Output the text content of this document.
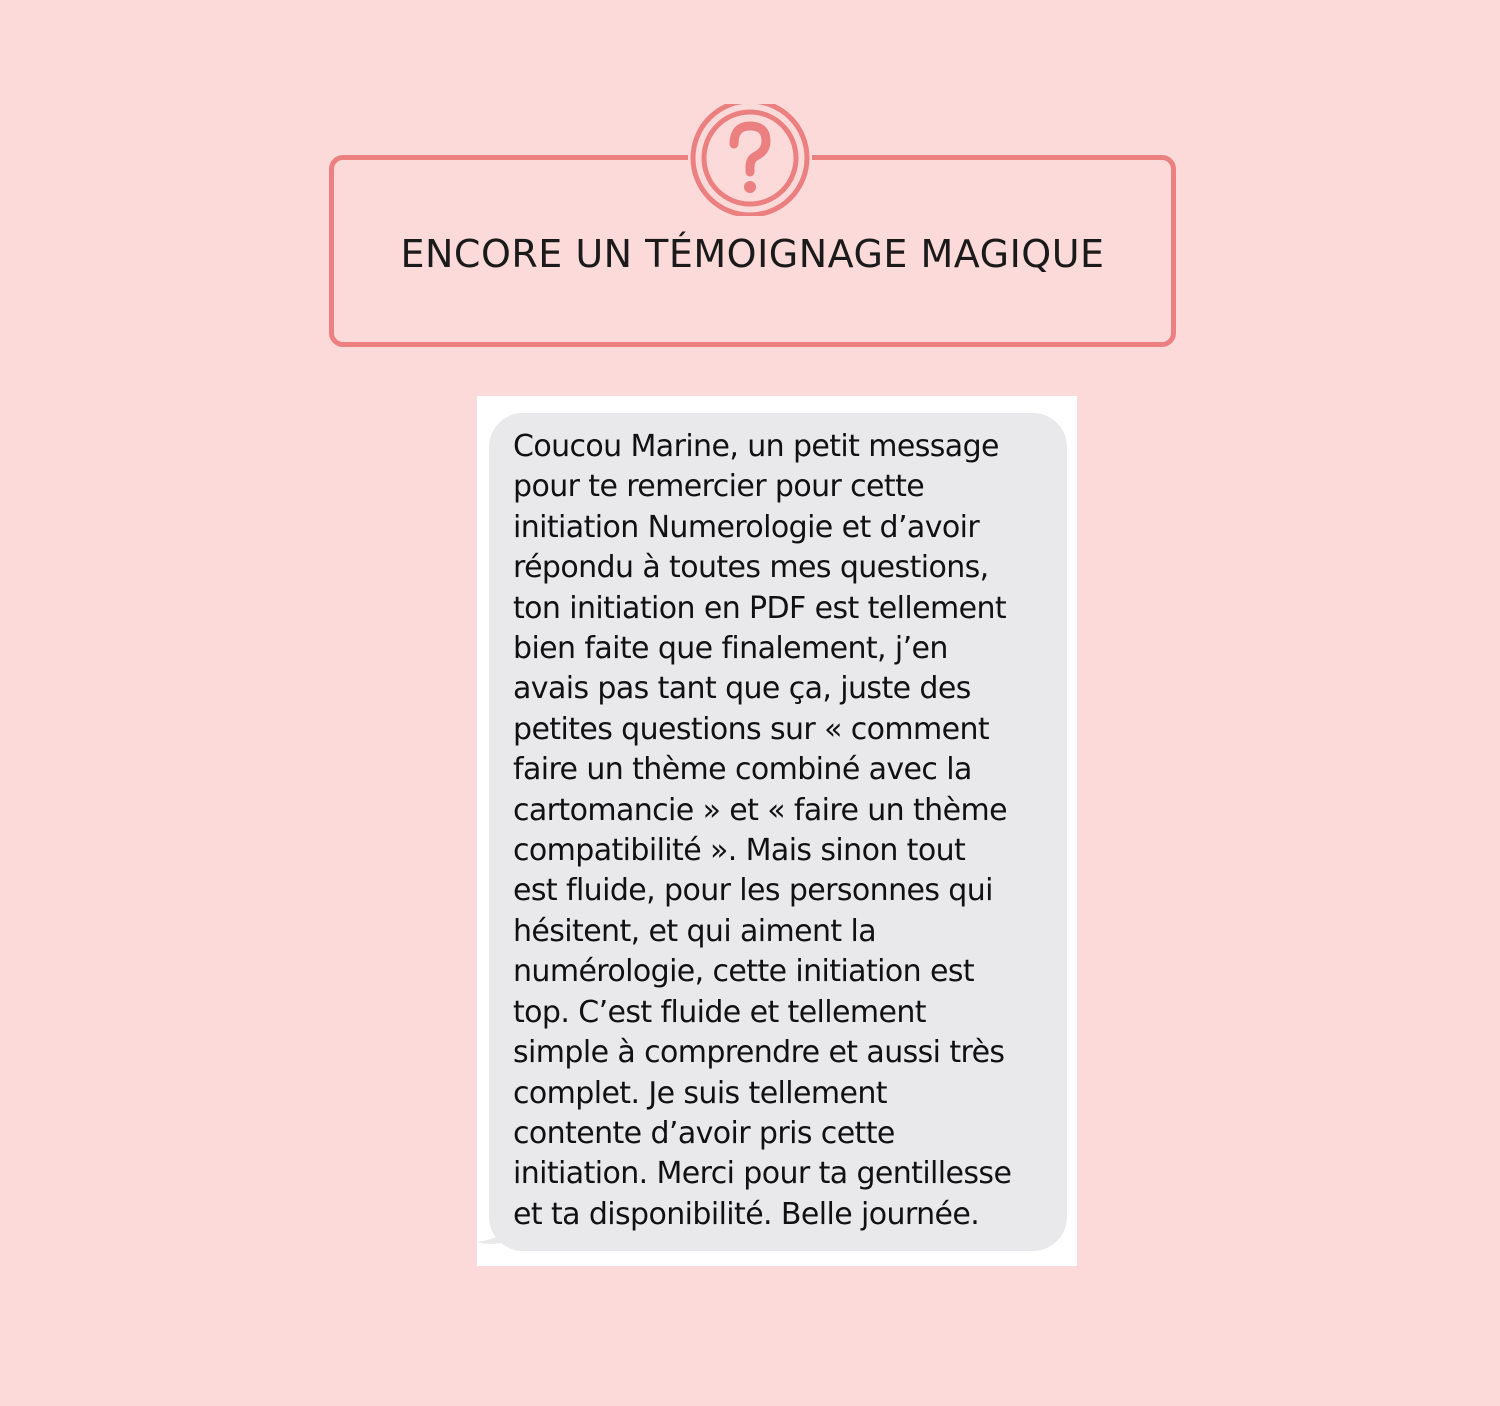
ENCORE UN TÉMOIGNAGE MAGIQUE

Coucou Marine, un petit message
pour te remercier pour cette
initiation Numerologie et d’avoir
répondu à toutes mes questions,
ton initiation en PDF est tellement
bien faite que finalement, j’en
avais pas tant que ça, juste des
petites questions sur « comment
faire un thème combiné avec la
cartomancie » et « faire un thème
compatibilité ». Mais sinon tout
est fluide, pour les personnes qui
hésitent, et qui aiment la
numérologie, cette initiation est
top. C’est fluide et tellement
simple à comprendre et aussi très
complet. Je suis tellement
contente d’avoir pris cette
initiation. Merci pour ta gentillesse
et ta disponibilité. Belle journée.
